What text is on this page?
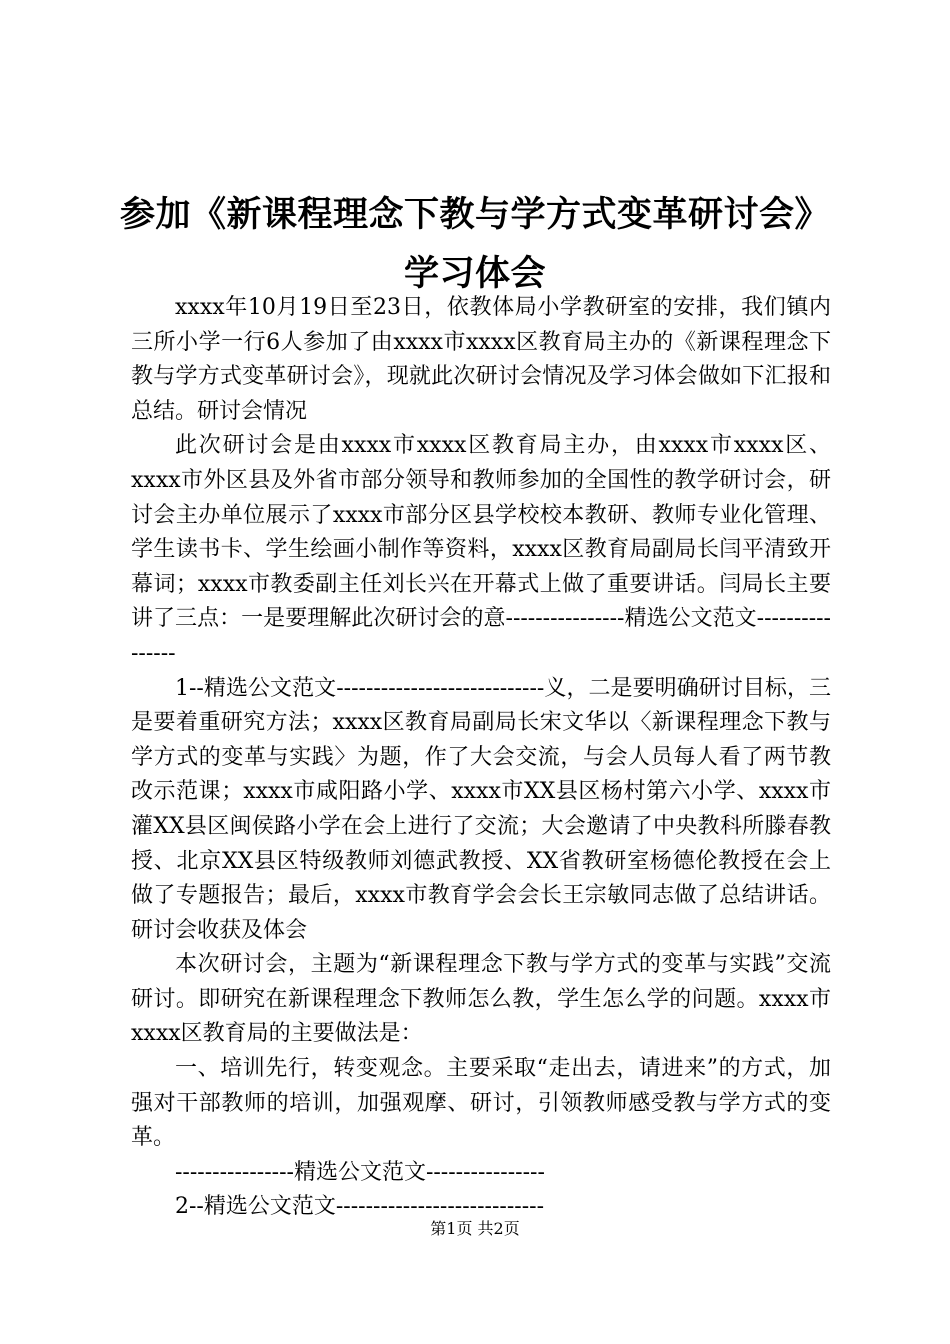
参加《新课程理念下教与学方式变革研讨会》
学习体会

xxxx年10月19日至23日，依教体局小学教研室的安排，我们镇内三所小学一行6人参加了由xxxx市xxxx区教育局主办的《新课程理念下教与学方式变革研讨会》，现就此次研讨会情况及学习体会做如下汇报和总结。研讨会情况

此次研讨会是由xxxx市xxxx区教育局主办，由xxxx市xxxx区、xxxx市外区县及外省市部分领导和教师参加的全国性的教学研讨会，研讨会主办单位展示了xxxx市部分区县学校校本教研、教师专业化管理、学生读书卡、学生绘画小制作等资料，xxxx区教育局副局长闫平清致开幕词；xxxx市教委副主任刘长兴在开幕式上做了重要讲话。闫局长主要讲了三点：一是要理解此次研讨会的意----------------精选公文范文----------------

1--精选公文范文----------------------------义，二是要明确研讨目标，三是要着重研究方法；xxxx区教育局副局长宋文华以〈新课程理念下教与学方式的变革与实践〉为题，作了大会交流，与会人员每人看了两节教改示范课；xxxx市咸阳路小学、xxxx市XX县区杨村第六小学、xxxx市灌XX县区闽侯路小学在会上进行了交流；大会邀请了中央教科所滕春教授、北京XX县区特级教师刘德武教授、XX省教研室杨德伦教授在会上做了专题报告；最后，xxxx市教育学会会长王宗敏同志做了总结讲话。研讨会收获及体会

本次研讨会，主题为“新课程理念下教与学方式的变革与实践”交流研讨。即研究在新课程理念下教师怎么教，学生怎么学的问题。xxxx市xxxx区教育局的主要做法是：

一、培训先行，转变观念。主要采取“走出去，请进来”的方式，加强对干部教师的培训，加强观摩、研讨，引领教师感受教与学方式的变革。

----------------精选公文范文----------------

2--精选公文范文----------------------------

第1页 共2页
